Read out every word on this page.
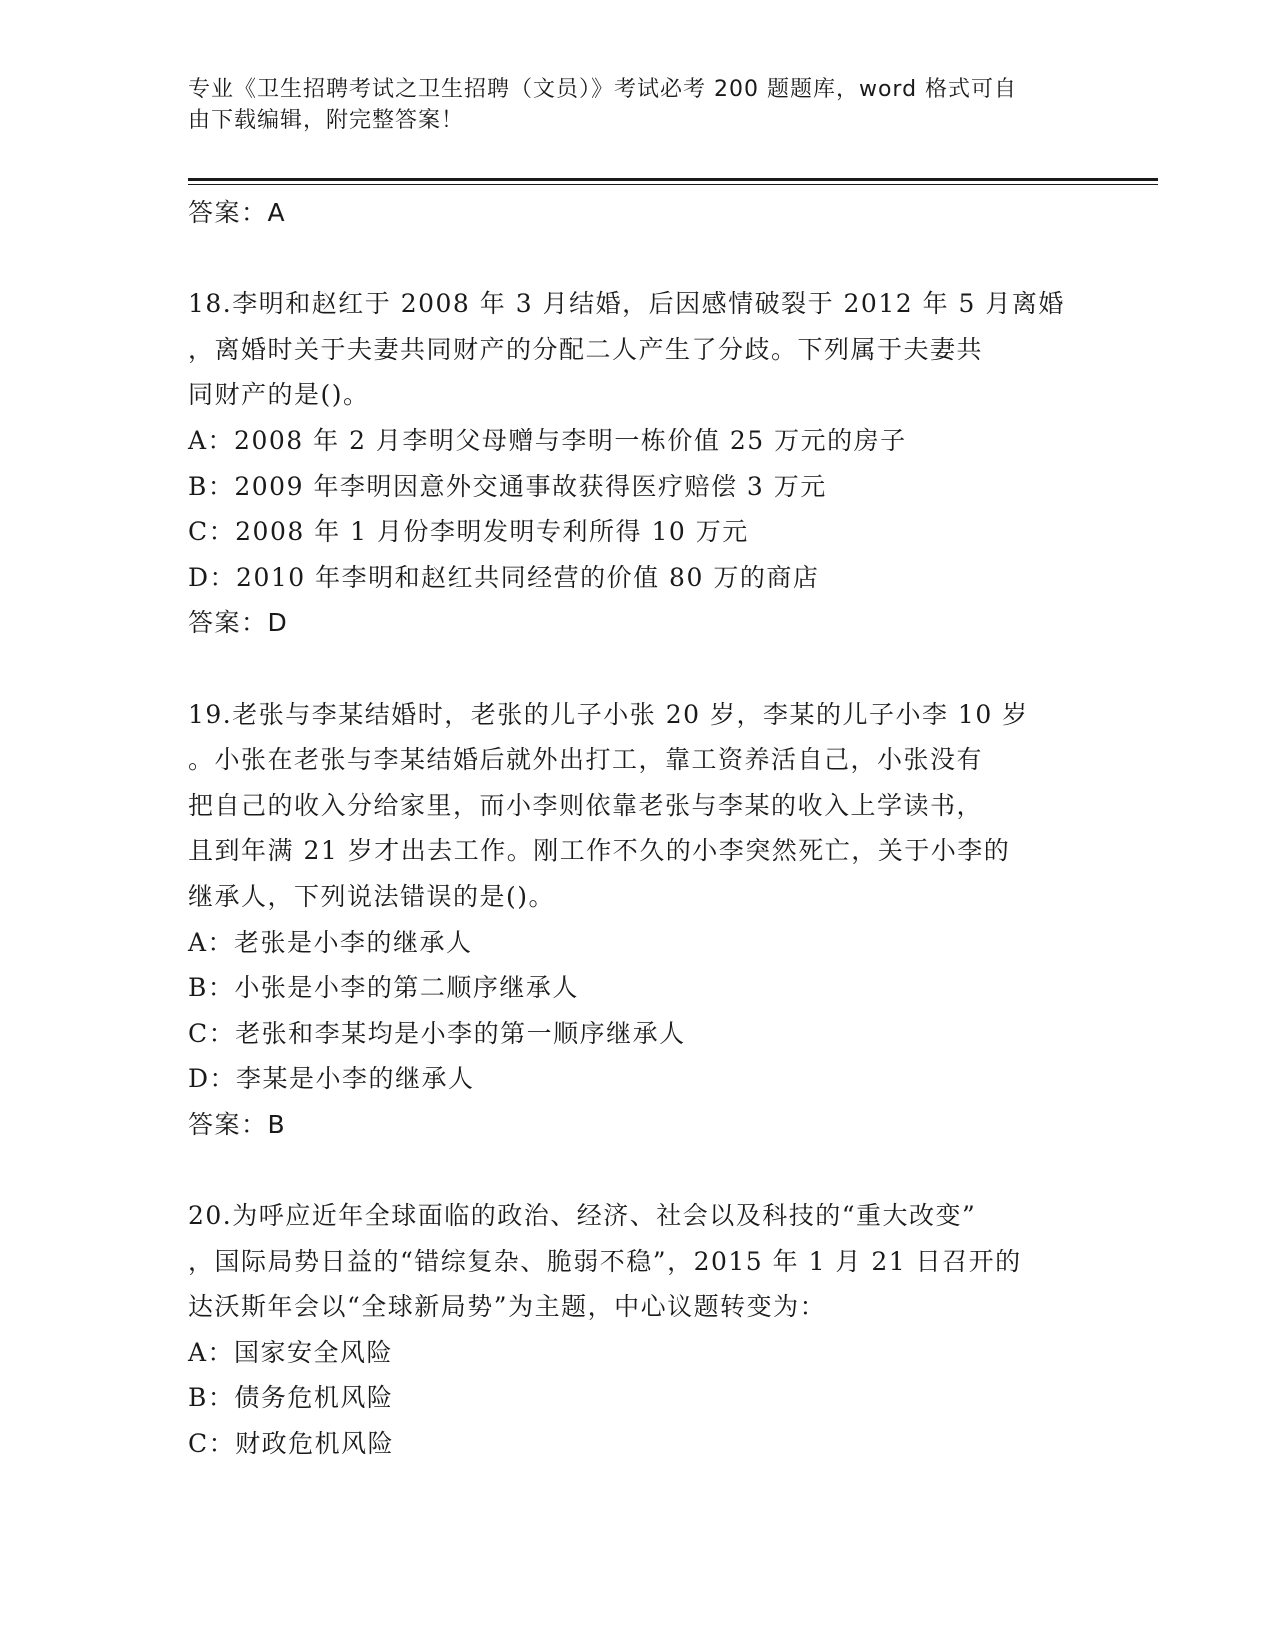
专业《卫生招聘考试之卫生招聘（文员）》考试必考 200 题题库，word 格式可自
由下载编辑，附完整答案！
答案：A
18.李明和赵红于 2008 年 3 月结婚，后因感情破裂于 2012 年 5 月离婚
，离婚时关于夫妻共同财产的分配二人产生了分歧。下列属于夫妻共
同财产的是()。
A：2008 年 2 月李明父母赠与李明一栋价值 25 万元的房子
B：2009 年李明因意外交通事故获得医疗赔偿 3 万元
C：2008 年 1 月份李明发明专利所得 10 万元
D：2010 年李明和赵红共同经营的价值 80 万的商店
答案：D
19.老张与李某结婚时，老张的儿子小张 20 岁，李某的儿子小李 10 岁
。小张在老张与李某结婚后就外出打工，靠工资养活自己，小张没有
把自己的收入分给家里，而小李则依靠老张与李某的收入上学读书，
且到年满 21 岁才出去工作。刚工作不久的小李突然死亡，关于小李的
继承人，下列说法错误的是()。
A：老张是小李的继承人
B：小张是小李的第二顺序继承人
C：老张和李某均是小李的第一顺序继承人
D：李某是小李的继承人
答案：B
20.为呼应近年全球面临的政治、经济、社会以及科技的“重大改变”
，国际局势日益的“错综复杂、脆弱不稳”，2015 年 1 月 21 日召开的
达沃斯年会以“全球新局势”为主题，中心议题转变为：
A：国家安全风险
B：债务危机风险
C：财政危机风险
